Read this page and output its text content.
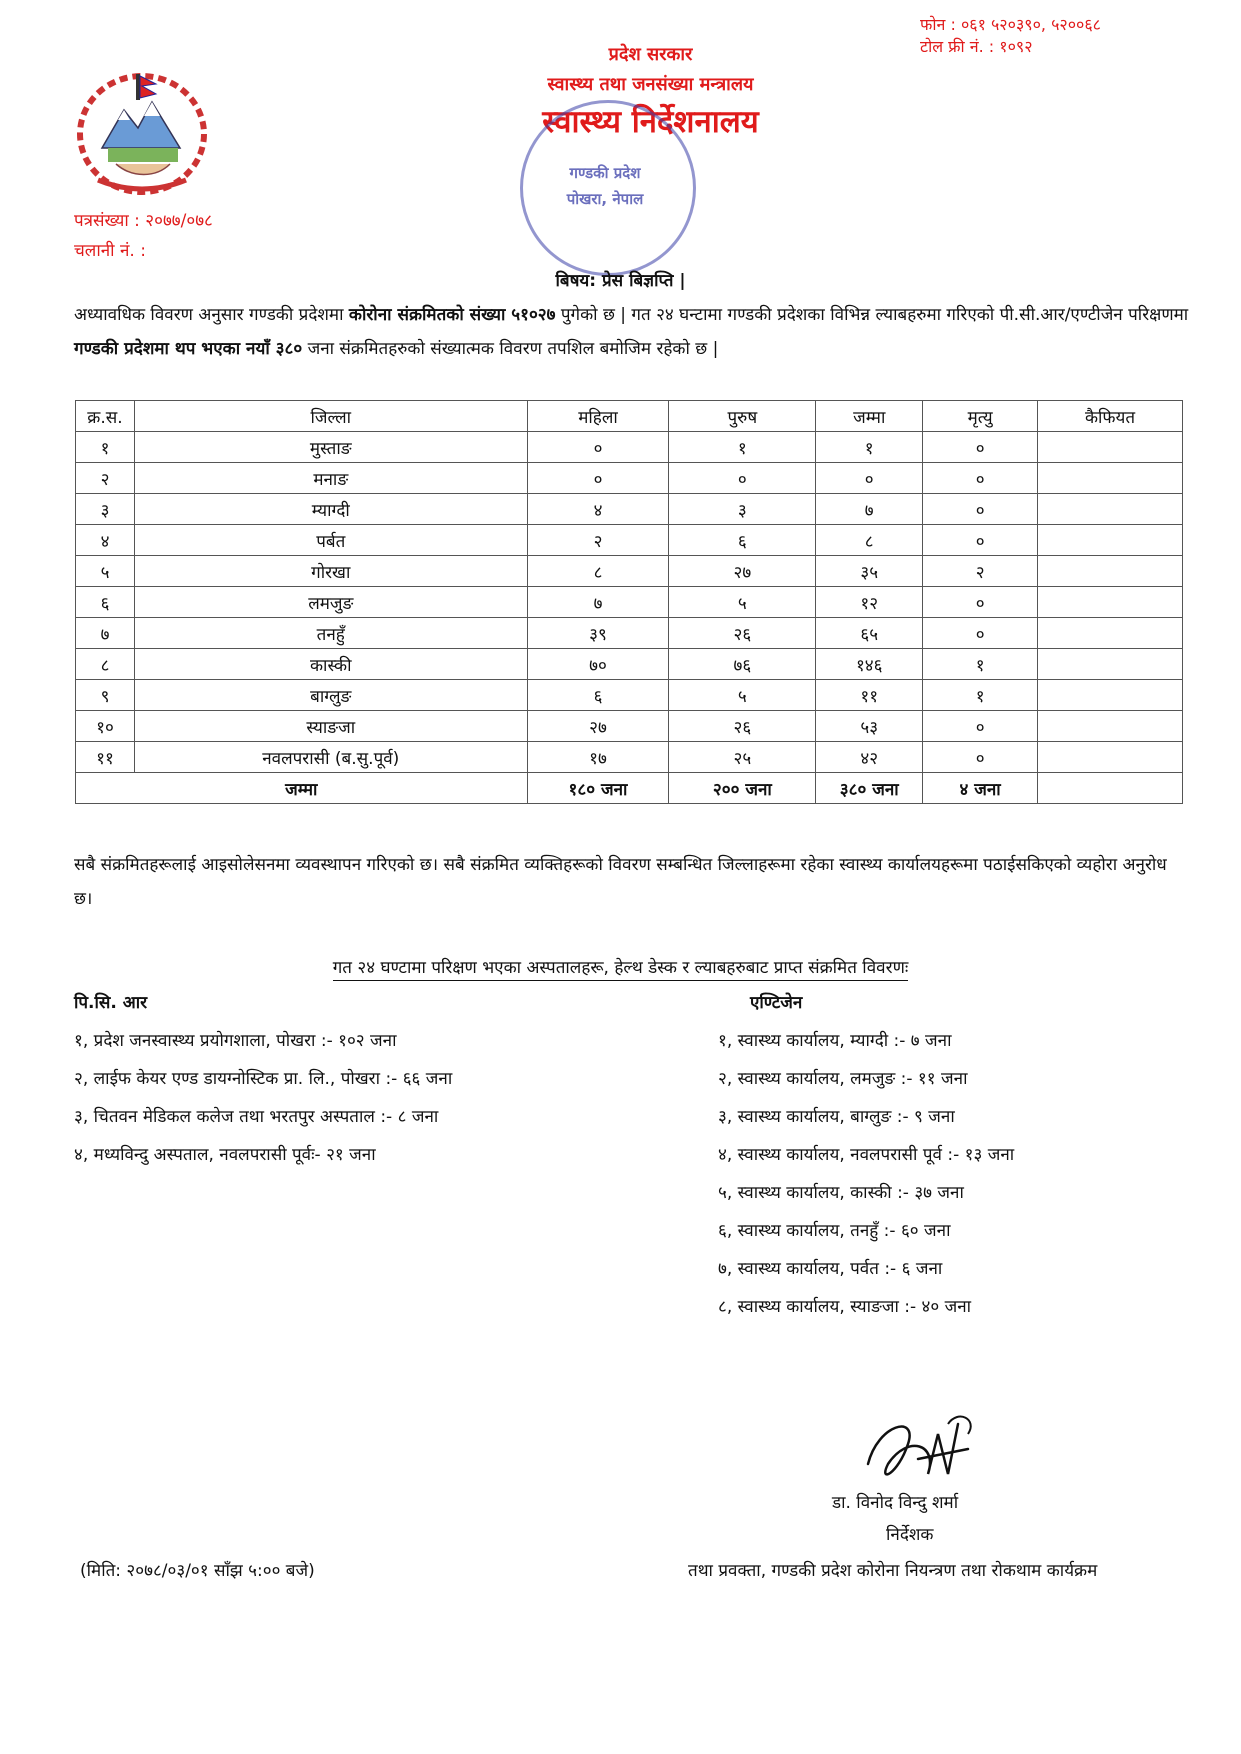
फोन : ०६१ ५२०३९०, ५२००६८
टोल फ्री नं. : १०९२
प्रदेश सरकार
स्वास्थ्य तथा जनसंख्या मन्त्रालय
स्वास्थ्य निर्देशनालय
गण्डकी प्रदेश
पोखरा, नेपाल
पत्रसंख्या : २०७७/०७८
चलानी नं. :
बिषय: प्रेस बिज्ञप्ति |
अध्यावधिक विवरण अनुसार गण्डकी प्रदेशमा कोरोना संक्रमितको संख्या ५१०२७ पुगेको छ | गत २४ घन्टामा गण्डकी प्रदेशका विभिन्न ल्याबहरुमा गरिएको पी.सी.आर/एण्टीजेन परिक्षणमा गण्डकी प्रदेशमा थप भएका नयाँ ३८० जना संक्रमितहरुको संख्यात्मक विवरण तपशिल बमोजिम रहेको छ |
क्र.स.	जिल्ला	महिला	पुरुष	जम्मा	मृत्यु	कैफियत
१	मुस्ताङ	०	१	१	०	
२	मनाङ	०	०	०	०	
३	म्याग्दी	४	३	७	०	
४	पर्बत	२	६	८	०	
५	गोरखा	८	२७	३५	२	
६	लमजुङ	७	५	१२	०	
७	तनहुँ	३९	२६	६५	०	
८	कास्की	७०	७६	१४६	१	
९	बाग्लुङ	६	५	११	१	
१०	स्याङजा	२७	२६	५३	०	
११	नवलपरासी (ब.सु.पूर्व)	१७	२५	४२	०	
जम्मा		१८० जना	२०० जना	३८० जना	४ जना	
सबै संक्रमितहरूलाई आइसोलेसनमा व्यवस्थापन गरिएको छ। सबै संक्रमित व्यक्तिहरूको विवरण सम्बन्धित जिल्लाहरूमा रहेका स्वास्थ्य कार्यालयहरूमा पठाईसकिएको व्यहोरा अनुरोध छ।
गत २४ घण्टामा परिक्षण भएका अस्पतालहरू, हेल्थ डेस्क र ल्याबहरुबाट प्राप्त संक्रमित विवरणः
पि.सि. आर
१, प्रदेश जनस्वास्थ्य प्रयोगशाला, पोखरा :- १०२ जना
२, लाईफ केयर एण्ड डायग्नोस्टिक प्रा. लि., पोखरा :- ६६ जना
३, चितवन मेडिकल कलेज तथा भरतपुर अस्पताल :- ८ जना
४, मध्यविन्दु अस्पताल, नवलपरासी पूर्वः- २१ जना
एण्टिजेन
१, स्वास्थ्य कार्यालय, म्याग्दी :- ७ जना
२, स्वास्थ्य कार्यालय, लमजुङ :- ११ जना
३, स्वास्थ्य कार्यालय, बाग्लुङ :- ९ जना
४, स्वास्थ्य कार्यालय, नवलपरासी पूर्व :- १३ जना
५, स्वास्थ्य कार्यालय, कास्की :- ३७ जना
६, स्वास्थ्य कार्यालय, तनहुँ :- ६० जना
७, स्वास्थ्य कार्यालय, पर्वत :- ६ जना
८, स्वास्थ्य कार्यालय, स्याङजा :- ४० जना
डा. विनोद विन्दु शर्मा
निर्देशक
तथा प्रवक्ता, गण्डकी प्रदेश कोरोना नियन्त्रण तथा रोकथाम कार्यक्रम
(मिति: २०७८/०३/०१ साँझ ५:०० बजे)
